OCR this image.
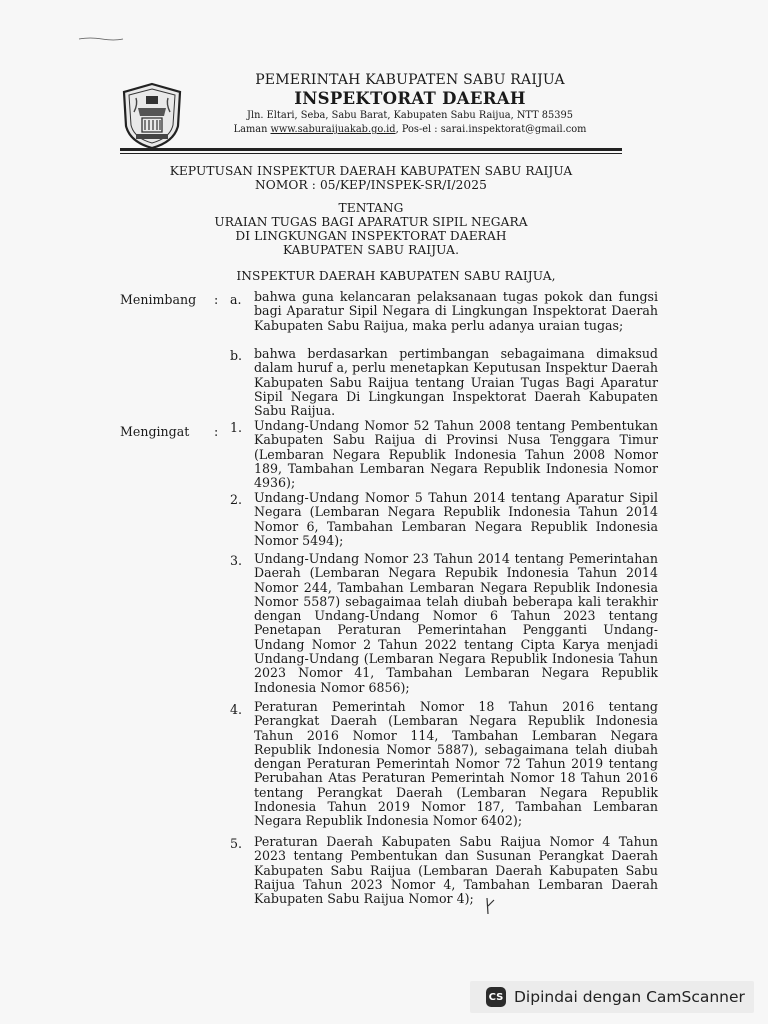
PEMERINTAH KABUPATEN SABU RAIJUA
INSPEKTORAT DAERAH
Jln. Eltari, Seba, Sabu Barat, Kabupaten Sabu Raijua, NTT 85395
Laman www.saburaijuakab.go.id, Pos-el : sarai.inspektorat@gmail.com
KEPUTUSAN INSPEKTUR DAERAH KABUPATEN SABU RAIJUA
NOMOR : 05/KEP/INSPEK-SR/I/2025
TENTANG
URAIAN TUGAS BAGI APARATUR SIPIL NEGARA
DI LINGKUNGAN INSPEKTORAT DAERAH
KABUPATEN SABU RAIJUA.
INSPEKTUR DAERAH KABUPATEN SABU RAIJUA,
Menimbang : a. bahwa guna kelancaran pelaksanaan tugas pokok dan fungsi bagi Aparatur Sipil Negara di Lingkungan Inspektorat Daerah Kabupaten Sabu Raijua, maka perlu adanya uraian tugas;
b. bahwa berdasarkan pertimbangan sebagaimana dimaksud dalam huruf a, perlu menetapkan Keputusan Inspektur Daerah Kabupaten Sabu Raijua tentang Uraian Tugas Bagi Aparatur Sipil Negara Di Lingkungan Inspektorat Daerah Kabupaten Sabu Raijua.
Mengingat : 1. Undang-Undang Nomor 52 Tahun 2008 tentang Pembentukan Kabupaten Sabu Raijua di Provinsi Nusa Tenggara Timur (Lembaran Negara Republik Indonesia Tahun 2008 Nomor 189, Tambahan Lembaran Negara Republik Indonesia Nomor 4936);
2. Undang-Undang Nomor 5 Tahun 2014 tentang Aparatur Sipil Negara (Lembaran Negara Republik Indonesia Tahun 2014 Nomor 6, Tambahan Lembaran Negara Republik Indonesia Nomor 5494);
3. Undang-Undang Nomor 23 Tahun 2014 tentang Pemerintahan Daerah (Lembaran Negara Repubik Indonesia Tahun 2014 Nomor 244, Tambahan Lembaran Negara Republik Indonesia Nomor 5587) sebagaimaa telah diubah beberapa kali terakhir dengan Undang-Undang Nomor 6 Tahun 2023 tentang Penetapan Peraturan Pemerintahan Pengganti Undang-Undang Nomor 2 Tahun 2022 tentang Cipta Karya menjadi Undang-Undang (Lembaran Negara Republik Indonesia Tahun 2023 Nomor 41, Tambahan Lembaran Negara Republik Indonesia Nomor 6856);
4. Peraturan Pemerintah Nomor 18 Tahun 2016 tentang Perangkat Daerah (Lembaran Negara Republik Indonesia Tahun 2016 Nomor 114, Tambahan Lembaran Negara Republik Indonesia Nomor 5887), sebagaimana telah diubah dengan Peraturan Pemerintah Nomor 72 Tahun 2019 tentang Perubahan Atas Peraturan Pemerintah Nomor 18 Tahun 2016 tentang Perangkat Daerah (Lembaran Negara Republik Indonesia Tahun 2019 Nomor 187, Tambahan Lembaran Negara Republik Indonesia Nomor 6402);
5. Peraturan Daerah Kabupaten Sabu Raijua Nomor 4 Tahun 2023 tentang Pembentukan dan Susunan Perangkat Daerah Kabupaten Sabu Raijua (Lembaran Daerah Kabupaten Sabu Raijua Tahun 2023 Nomor 4, Tambahan Lembaran Daerah Kabupaten Sabu Raijua Nomor 4);
CS Dipindai dengan CamScanner
